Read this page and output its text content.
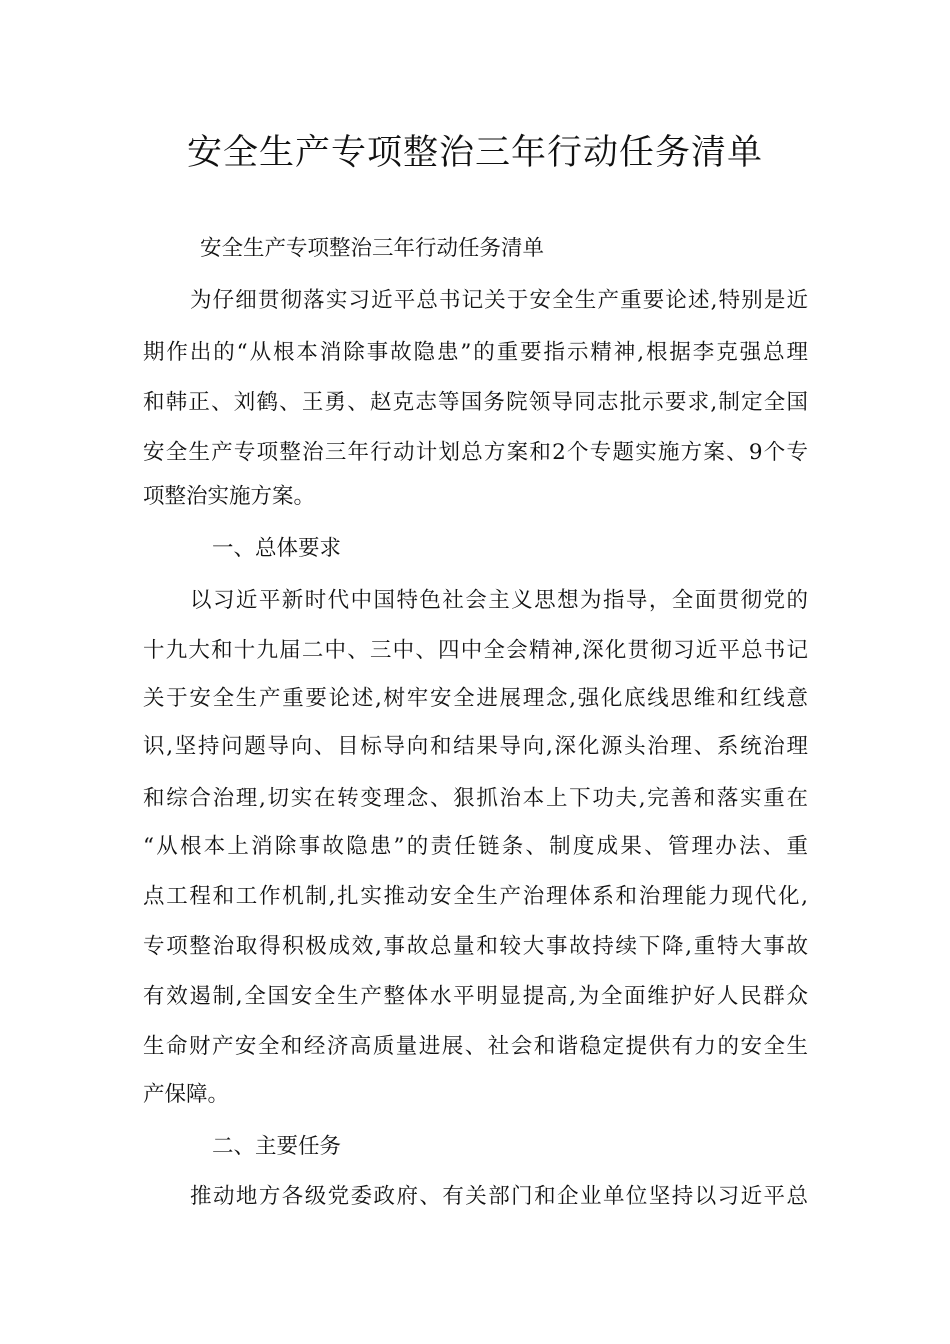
安全生产专项整治三年行动任务清单

安全生产专项整治三年行动任务清单

为仔细贯彻落实习近平总书记关于安全生产重要论述,特别是近

期作出的“从根本消除事故隐患”的重要指示精神,根据李克强总理

和韩正、刘鹤、王勇、赵克志等国务院领导同志批示要求,制定全国

安全生产专项整治三年行动计划总方案和2个专题实施方案、9个专

项整治实施方案。

一、总体要求

以习近平新时代中国特色社会主义思想为指导，全面贯彻党的

十九大和十九届二中、三中、四中全会精神,深化贯彻习近平总书记

关于安全生产重要论述,树牢安全进展理念,强化底线思维和红线意

识,坚持问题导向、目标导向和结果导向,深化源头治理、系统治理

和综合治理,切实在转变理念、狠抓治本上下功夫,完善和落实重在

“从根本上消除事故隐患”的责任链条、制度成果、管理办法、重

点工程和工作机制,扎实推动安全生产治理体系和治理能力现代化,

专项整治取得积极成效,事故总量和较大事故持续下降,重特大事故

有效遏制,全国安全生产整体水平明显提高,为全面维护好人民群众

生命财产安全和经济高质量进展、社会和谐稳定提供有力的安全生

产保障。

二、主要任务

推动地方各级党委政府、有关部门和企业单位坚持以习近平总
